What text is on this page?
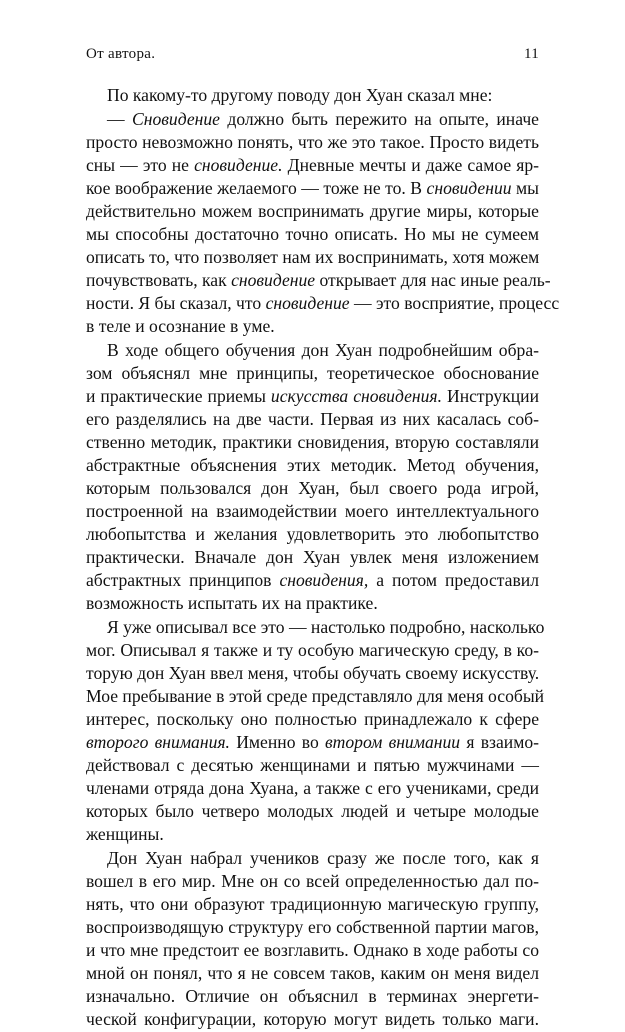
От автора.	11
По какому-то другому поводу дон Хуан сказал мне:
— Сновидение должно быть пережито на опыте, иначе
просто невозможно понять, что же это такое. Просто видеть
сны — это не сновидение. Дневные мечты и даже самое яр-
кое воображение желаемого — тоже не то. В сновидении мы
действительно можем воспринимать другие миры, которые
мы способны достаточно точно описать. Но мы не сумеем
описать то, что позволяет нам их воспринимать, хотя можем
почувствовать, как сновидение открывает для нас иные реаль-
ности. Я бы сказал, что сновидение — это восприятие, процесс
в теле и осознание в уме.
В ходе общего обучения дон Хуан подробнейшим обра-
зом объяснял мне принципы, теоретическое обоснование
и практические приемы искусства сновидения. Инструкции
его разделялись на две части. Первая из них касалась соб-
ственно методик, практики сновидения, вторую составляли
абстрактные объяснения этих методик. Метод обучения,
которым пользовался дон Хуан, был своего рода игрой,
построенной на взаимодействии моего интеллектуального
любопытства и желания удовлетворить это любопытство
практически. Вначале дон Хуан увлек меня изложением
абстрактных принципов сновидения, а потом предоставил
возможность испытать их на практике.
Я уже описывал все это — настолько подробно, насколько
мог. Описывал я также и ту особую магическую среду, в ко-
торую дон Хуан ввел меня, чтобы обучать своему искусству.
Мое пребывание в этой среде представляло для меня особый
интерес, поскольку оно полностью принадлежало к сфере
второго внимания. Именно во втором внимании я взаимо-
действовал с десятью женщинами и пятью мужчинами —
членами отряда дона Хуана, а также с его учениками, среди
которых было четверо молодых людей и четыре молодые
женщины.
Дон Хуан набрал учеников сразу же после того, как я
вошел в его мир. Мне он со всей определенностью дал по-
нять, что они образуют традиционную магическую группу,
воспроизводящую структуру его собственной партии магов,
и что мне предстоит ее возглавить. Однако в ходе работы со
мной он понял, что я не совсем таков, каким он меня видел
изначально. Отличие он объяснил в терминах энергети-
ческой конфигурации, которую могут видеть только маги.
